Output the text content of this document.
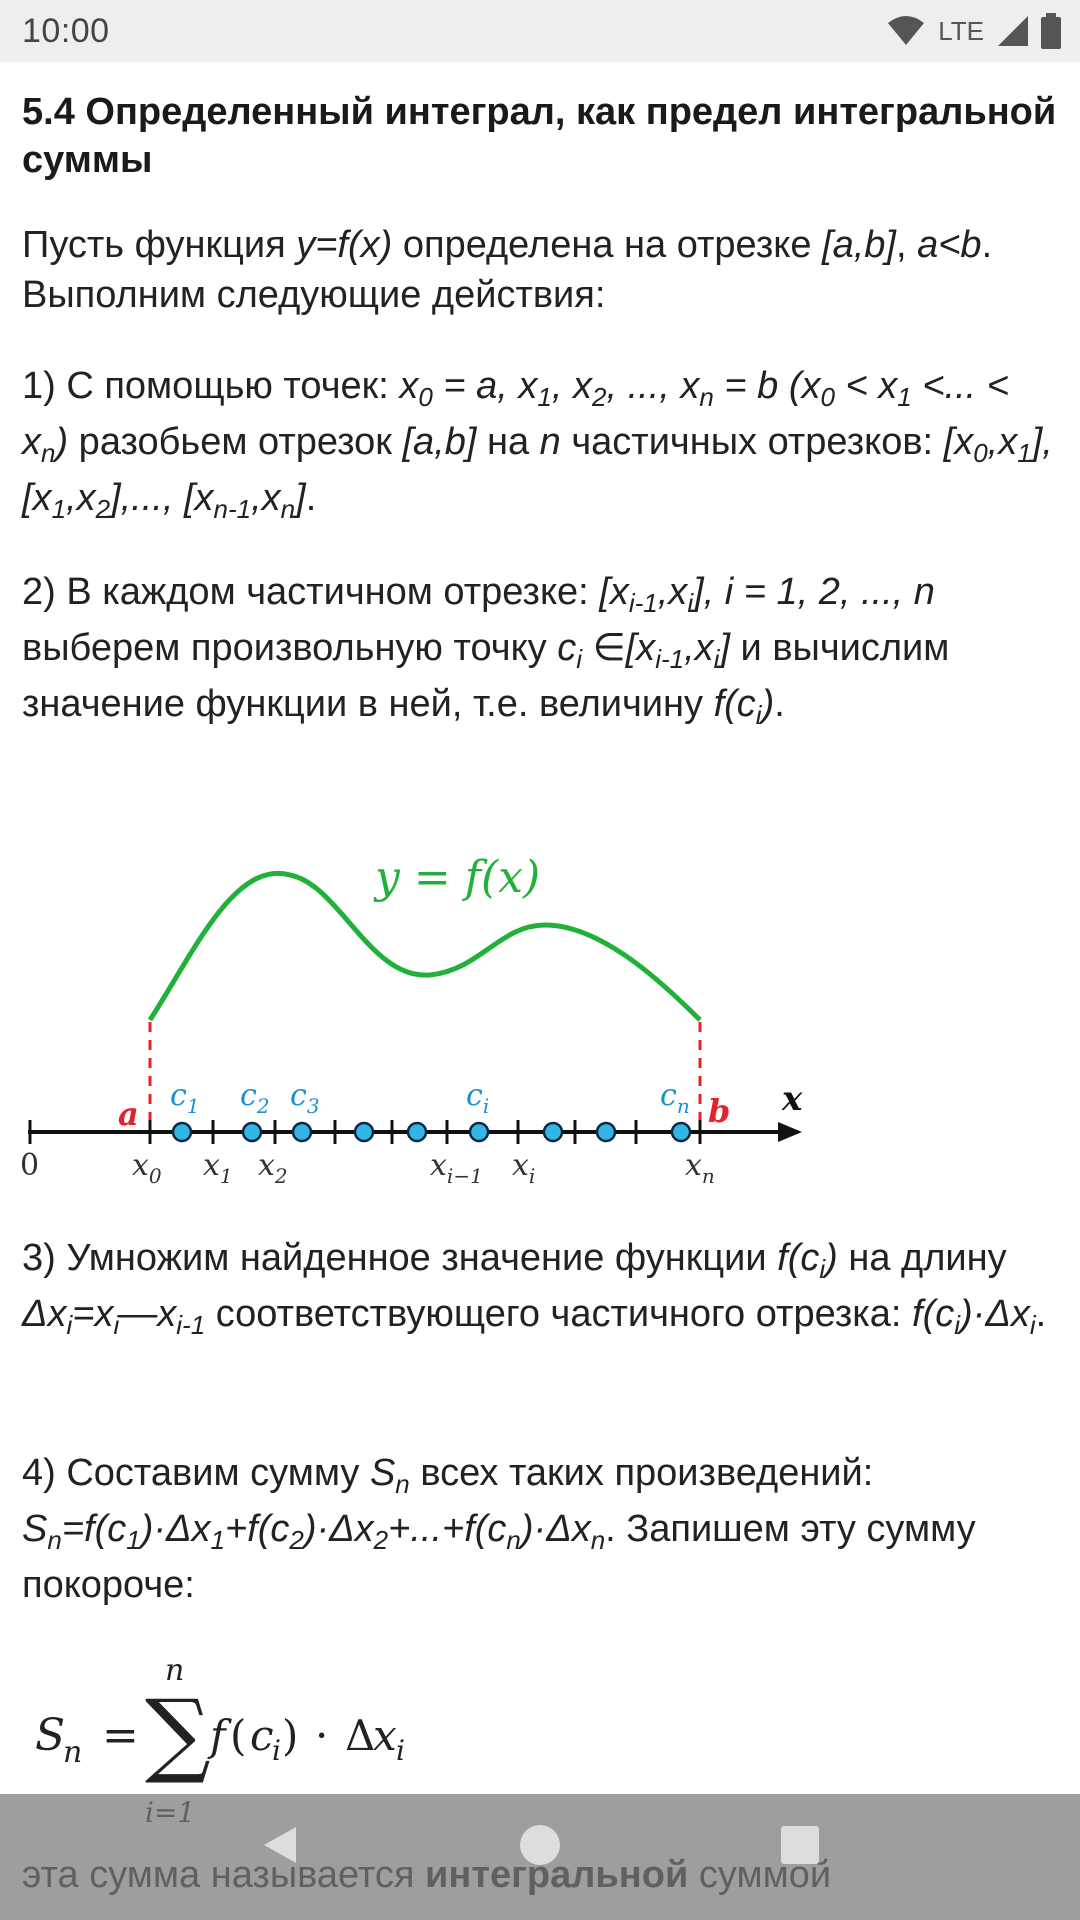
10:00	LTE
5.4 Определенный интеграл, как предел интегральной суммы

Пусть функция y=f(x) определена на отрезке [a,b], a<b. Выполним следующие действия:

1) С помощью точек: $x_0 = a$, $x_1$, $x_2$, ..., $x_n = b$ ($x_0 < x_1$ <... < $x_n$) разобьем отрезок [a,b] на n частичных отрезков: $[x_0,x_1]$, $[x_1,x_2]$,..., $[x_{n-1},x_n]$.

2) В каждом частичном отрезке: $[x_{i-1},x_i]$, i = 1, 2, ..., n выберем произвольную точку $c_i$ $\in[x_{i-1},x_i]$ и вычислим значение функции в ней, т.е. величину $f(c_i)$.

y = f(x)
x
a	b
0	$x_0$ $x_1$ $x_2$	$x_{i-1}$ $x_i$	$x_n$
$c_1$ $c_2$ $c_3$	$c_i$	$c_n$

3) Умножим найденное значение функции $f(c_i)$ на длину $\Delta x_i=x_i—x_{i-1}$ соответствующего частичного отрезка: $f(c_i)\cdot\Delta x_i$.

4) Составим сумму $S_n$ всех таких произведений: $S_n=f(c_1)\cdot\Delta x_1+f(c_2)\cdot\Delta x_2+...+f(c_n)\cdot\Delta x_n$. Запишем эту сумму покороче:

S
n = ∑
n
f ( c
i ) · Δ
x i
